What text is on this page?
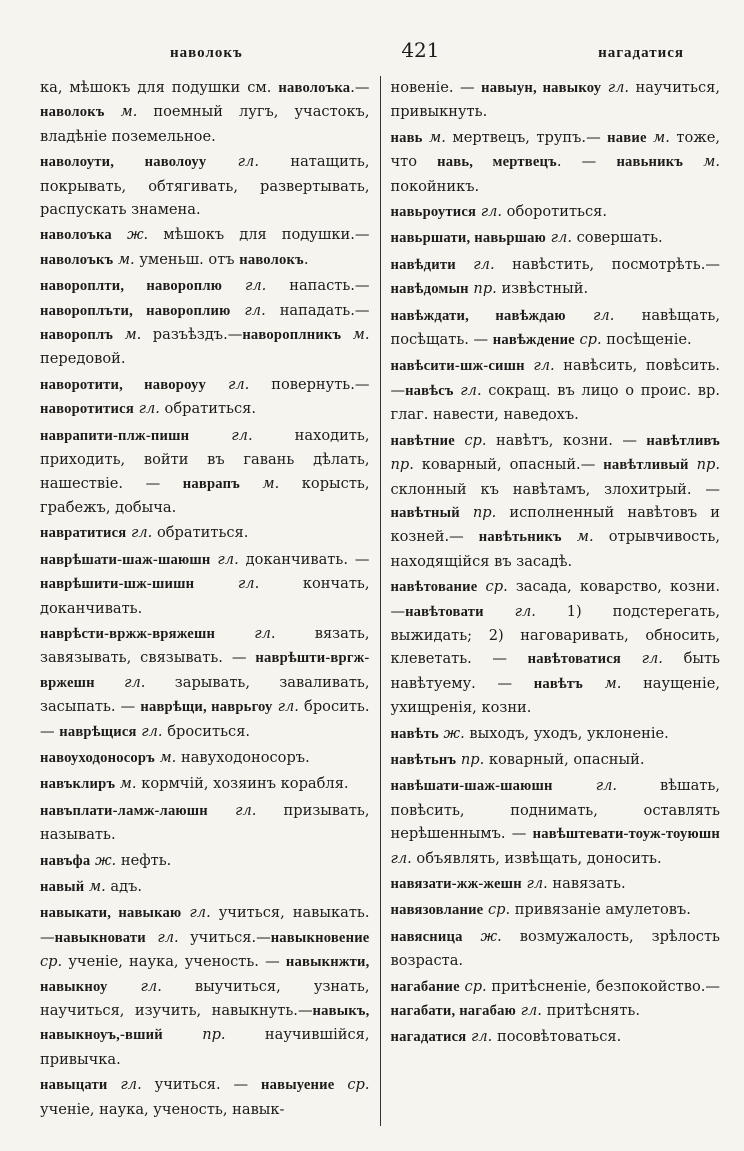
наволокъ	421	нагадатися

ка, мѣшокъ для подушки см. наволоъка.—наволокъ м. поемный лугъ, участокъ, владѣніе поземельное.

наволоути, наволоуу гл. натащить, покрывать, обтягивать, развертывать, распускать знамена.

наволоъка ж. мѣшокъ для подушки.—наволоъкъ м. уменьш. отъ наволокъ.

навороплти, навороплю гл. напасть.—навороплъти, навороплию гл. нападать.—навороплъ м. разъѣздъ.—навороплникъ м. передовой.

наворотити, навороуу гл. повернуть.—наворотитися гл. обратиться.

наврапити-плж-пишн гл. находить, приходить, войти въ гавань дѣлать, нашествіе. — наврапъ м. корысть, грабежъ, добыча.

навратитися гл. обратиться.

наврѣшати-шаж-шаюшн гл. доканчивать. — наврѣшити-шж-шишн гл. кончать, доканчивать.

наврѣсти-вржж-вряжешн гл. вязать, завязывать, связывать. — наврѣшти-вргж-вржешн гл. зарывать, заваливать, засыпать. — наврѣщи, наврьгоу гл. бросить. — наврѣщися гл. броситься.

навоуходоносоръ м. навуходоносоръ.

навъклиръ м. кормчій, хозяинъ корабля.

навъплати-ламж-лаюшн гл. призывать, называть.

навъфа ж. нефть.

навый м. адъ.

навыкати, навыкаю гл. учиться, навыкать.—навыкновати гл. учиться.—навыкновение ср. ученіе, наука, ученость. — навыкнжти, навыкноу гл. выучиться, узнать, научиться, изучить, навыкнуть.—навыкъ, навыкноуъ,-вший пр. научившійся, привычка.

навыцати гл. учиться. — навыуение ср. ученіе, наука, ученость, навык-

новеніе. — навыун, навыкоу гл. научиться, привыкнуть.

навь м. мертвецъ, трупъ.— навие м. тоже, что навь, мертвецъ. — навьникъ м. покойникъ.

навьроутися гл. оборотиться.

навьршати, навьршаю гл. совершать.

навѣдити гл. навѣстить, посмотрѣть.—навѣдомын пр. извѣстный.

навѣждати, навѣждаю гл. навѣщать, посѣщать. — навѣждение ср. посѣщеніе.

навѣсити-шж-сишн гл. навѣсить, повѣсить.—навѣсъ гл. сокращ. въ лицо о проис. вр. глаг. навести, наведохъ.

навѣтние ср. навѣтъ, козни. — навѣтливъ пр. коварный, опасный.— навѣтливый пр. склонный къ навѣтамъ, злохитрый. — навѣтный пр. исполненный навѣтовъ и козней.— навѣтьникъ м. отрывчивость, находящійся въ засадѣ.

навѣтование ср. засада, коварство, козни.—навѣтовати гл. 1) подстерегать, выжидать; 2) наговаривать, обносить, клеветать. — навѣтоватися гл. быть навѣтуему. — навѣтъ м. наущеніе, ухищренія, козни.

навѣть ж. выходъ, уходъ, уклоненіе.

навѣтьнъ пр. коварный, опасный.

навѣшати-шаж-шаюшн гл. вѣшать, повѣсить, поднимать, оставлять нерѣшеннымъ. — навѣштевати-тоуж-тоуюшн гл. объявлять, извѣщать, доносить.

навязати-жж-жешн гл. навязать.

навязовлание ср. привязаніе амулетовъ.

навясница ж. возмужалость, зрѣлость возраста.

нагабание ср. притѣсненіе, безпокойство.—нагабати, нагабаю гл. притѣснять.

нагадатися гл. посовѣтоваться.
